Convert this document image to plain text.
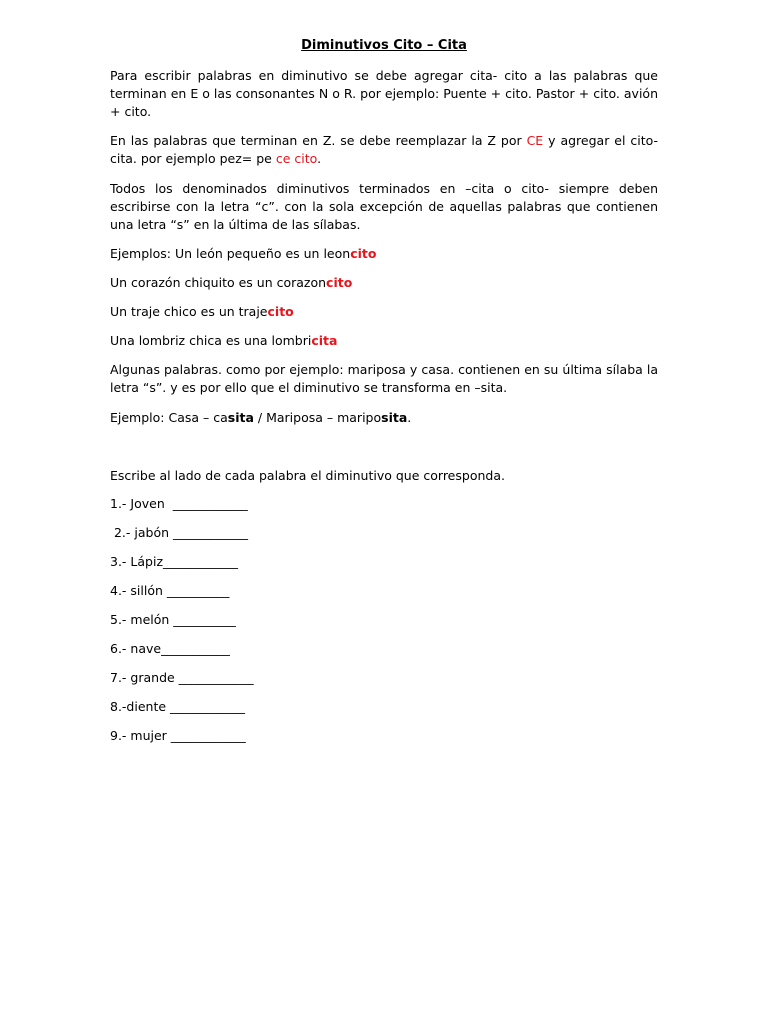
Diminutivos Cito – Cita
Para escribir palabras en diminutivo se debe agregar cita- cito a las palabras que terminan en E o las consonantes N o R. por ejemplo: Puente + cito. Pastor + cito. avión + cito.
En las palabras que terminan en Z. se debe reemplazar la Z por CE y agregar el cito- cita. por ejemplo pez= pe ce cito.
Todos los denominados diminutivos terminados en –cita o cito- siempre deben escribirse con la letra “c”. con la sola excepción de aquellas palabras que contienen una letra “s” en la última de las sílabas.
Ejemplos: Un león pequeño es un leoncito
Un corazón chiquito es un corazoncito
Un traje chico es un trajecito
Una lombriz chica es una lombricita
Algunas palabras. como por ejemplo: mariposa y casa. contienen en su última sílaba la letra “s”. y es por ello que el diminutivo se transforma en –sita.
Ejemplo: Casa – casita / Mariposa – mariposita.
Escribe al lado de cada palabra el diminutivo que corresponda.
1.- Joven  ____________
2.- jabón ____________
3.- Lápiz____________
4.- sillón __________
5.- melón __________
6.- nave___________
7.- grande ____________
8.-diente ____________
9.- mujer ____________
